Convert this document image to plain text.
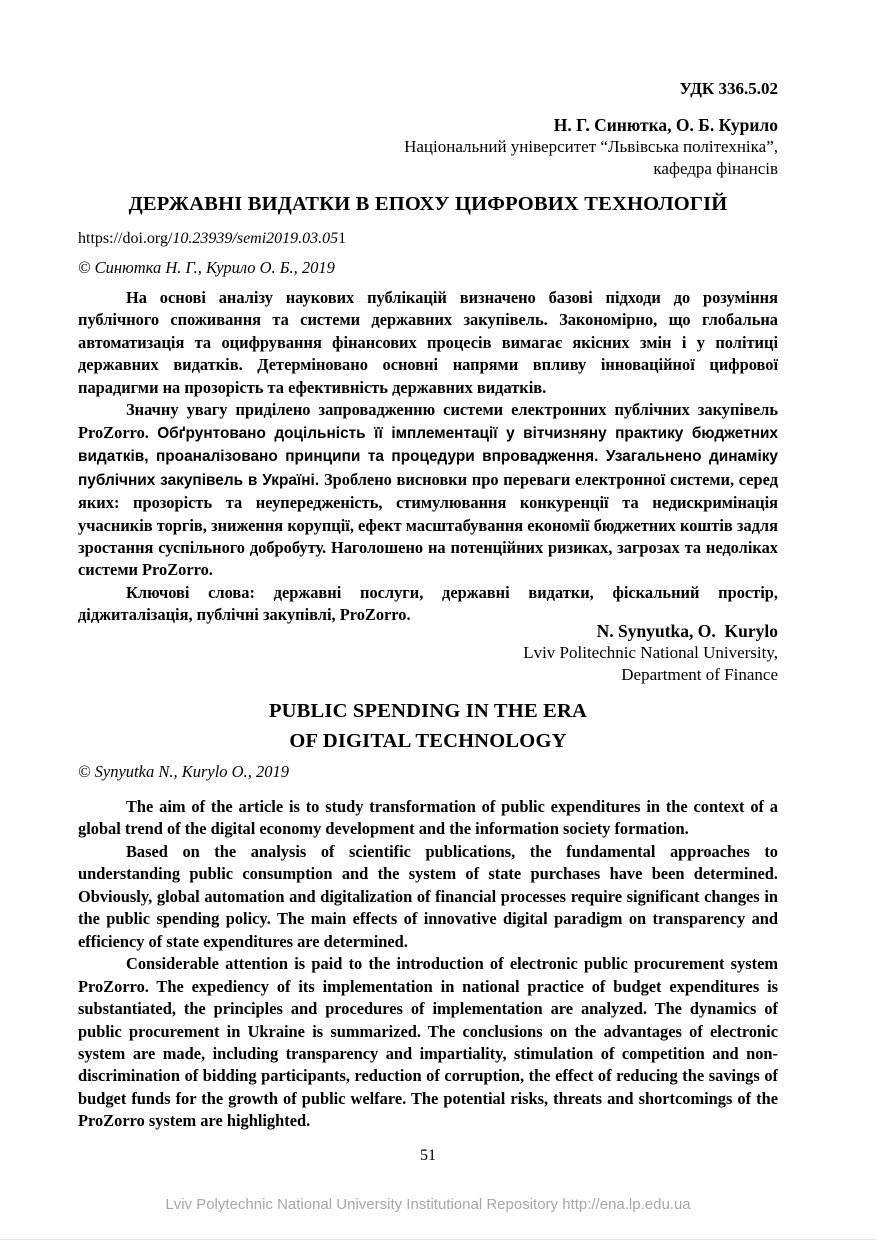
УДК 336.5.02
Н. Г. Синютка, О. Б. Курило
Національний університет “Львівська політехніка”,
кафедра фінансів
ДЕРЖАВНІ ВИДАТКИ В ЕПОХУ ЦИФРОВИХ ТЕХНОЛОГІЙ
https://doi.org/10.23939/semi2019.03.051
© Синютка Н. Г., Курило О. Б., 2019

На основі аналізу наукових публікацій визначено базові підходи до розуміння публічного споживання та системи державних закупівель. Закономірно, що глобальна автоматизація та оцифрування фінансових процесів вимагає якісних змін і у політиці державних видатків. Детерміновано основні напрями впливу інноваційної цифрової парадигми на прозорість та ефективність державних видатків.

Значну увагу приділено запровадженню системи електронних публічних закупівель ProZorro. Обґрунтовано доцільність її імплементації у вітчизняну практику бюджетних видатків, проаналізовано принципи та процедури впровадження. Узагальнено динаміку публічних закупівель в Україні. Зроблено висновки про переваги електронної системи, серед яких: прозорість та неупередженість, стимулювання конкуренції та недискримінація учасників торгів, зниження корупції, ефект масштабування економії бюджетних коштів задля зростання суспільного добробуту. Наголошено на потенційних ризиках, загрозах та недоліках системи ProZorro.

Ключові слова: державні послуги, державні видатки, фіскальний простір, діджиталізація, публічні закупівлі, ProZorro.

N. Synyutka, O.  Kurylo
Lviv Politechnic National University,
Department of Finance
PUBLIC SPENDING IN THE ERA
OF DIGITAL TECHNOLOGY
© Synyutka N., Kurylo O., 2019

The aim of the article is to study transformation of public expenditures in the context of a global trend of the digital economy development and the information society formation.

Based on the analysis of scientific publications, the fundamental approaches to understanding public consumption and the system of state purchases have been determined. Obviously, global automation and digitalization of financial processes require significant changes in the public spending policy. The main effects of innovative digital paradigm on transparency and efficiency of state expenditures are determined.

Considerable attention is paid to the introduction of electronic public procurement system ProZorro. The expediency of its implementation in national practice of budget expenditures is substantiated, the principles and procedures of implementation are analyzed. The dynamics of public procurement in Ukraine is summarized. The conclusions on the advantages of electronic system are made, including transparency and impartiality, stimulation of competition and non-discrimination of bidding participants, reduction of corruption, the effect of reducing the savings of budget funds for the growth of public welfare. The potential risks, threats and shortcomings of the ProZorro system are highlighted.

51
Lviv Polytechnic National University Institutional Repository http://ena.lp.edu.ua
